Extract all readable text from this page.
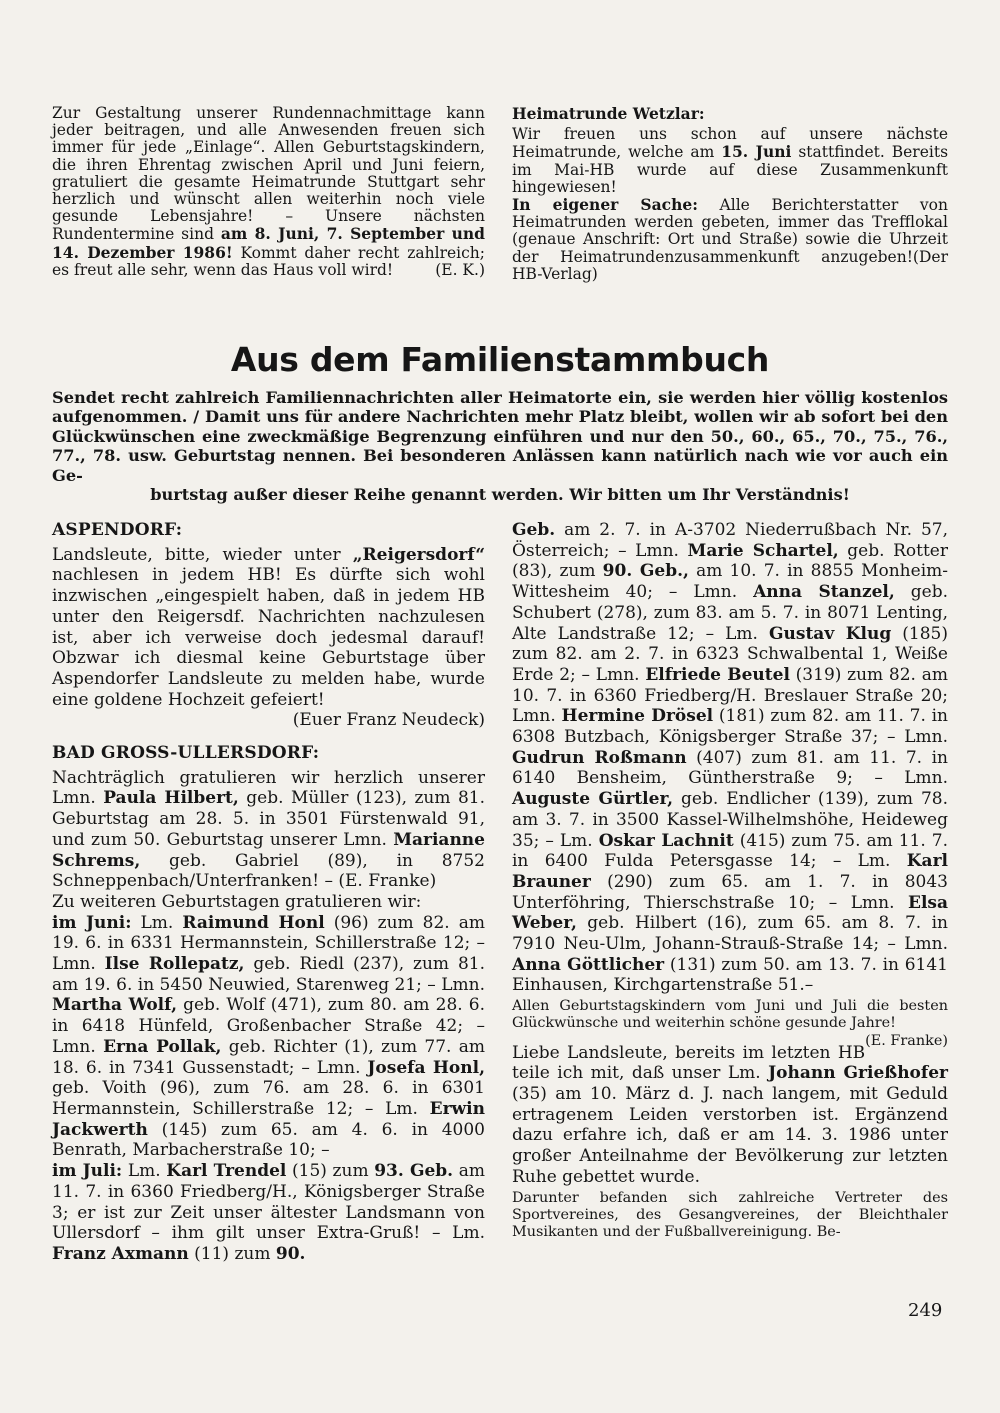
Zur Gestaltung unserer Rundennachmittage kann jeder beitragen, und alle Anwesenden freuen sich immer für jede „Einlage“. Allen Geburtstagskindern, die ihren Ehrentag zwischen April und Juni feiern, gratuliert die gesamte Heimatrunde Stuttgart sehr herzlich und wünscht allen weiterhin noch viele gesunde Lebensjahre! – Unsere nächsten Rundentermine sind am 8. Juni, 7. September und 14. Dezember 1986! Kommt daher recht zahlreich; es freut alle sehr, wenn das Haus voll wird!	(E. K.)

Heimatrunde Wetzlar:

Wir freuen uns schon auf unsere nächste Heimatrunde, welche am 15. Juni stattfindet. Bereits im Mai-HB wurde auf diese Zusammenkunft hingewiesen!

In eigener Sache: Alle Berichterstatter von Heimatrunden werden gebeten, immer das Trefflokal (genaue Anschrift: Ort und Straße) sowie die Uhrzeit der Heimatrundenzusammenkunft anzugeben!(Der HB-Verlag)

Aus dem Familienstammbuch

Sendet recht zahlreich Familiennachrichten aller Heimatorte ein, sie werden hier völlig kostenlos aufgenommen. / Damit uns für andere Nachrichten mehr Platz bleibt, wollen wir ab sofort bei den Glückwünschen eine zweckmäßige Begrenzung einführen und nur den 50., 60., 65., 70., 75., 76., 77., 78. usw. Geburtstag nennen. Bei besonderen Anlässen kann natürlich nach wie vor auch ein Ge-

burtstag außer dieser Reihe genannt werden. Wir bitten um Ihr Verständnis!

ASPENDORF:

Landsleute, bitte, wieder unter „Reigersdorf“ nachlesen in jedem HB! Es dürfte sich wohl inzwischen „eingespielt haben, daß in jedem HB unter den Reigersdf. Nachrichten nachzulesen ist, aber ich verweise doch jedesmal darauf! Obzwar ich diesmal keine Geburtstage über Aspendorfer Landsleute zu melden habe, wurde eine goldene Hochzeit gefeiert!

(Euer Franz Neudeck)

BAD GROSS-ULLERSDORF:

Nachträglich gratulieren wir herzlich unserer Lmn. Paula Hilbert, geb. Müller (123), zum 81. Geburtstag am 28. 5. in 3501 Fürstenwald 91, und zum 50. Geburtstag unserer Lmn. Marianne Schrems, geb. Gabriel (89), in 8752 Schneppenbach/Unterfranken! – (E. Franke)

Zu weiteren Geburtstagen gratulieren wir:

im Juni: Lm. Raimund Honl (96) zum 82. am 19. 6. in 6331 Hermannstein, Schillerstraße 12; – Lmn. Ilse Rollepatz, geb. Riedl (237), zum 81. am 19. 6. in 5450 Neuwied, Starenweg 21; – Lmn. Martha Wolf, geb. Wolf (471), zum 80. am 28. 6. in 6418 Hünfeld, Großenbacher Straße 42; – Lmn. Erna Pollak, geb. Richter (1), zum 77. am 18. 6. in 7341 Gussenstadt; – Lmn. Josefa Honl, geb. Voith (96), zum 76. am 28. 6. in 6301 Hermannstein, Schillerstraße 12; – Lm. Erwin Jackwerth (145) zum 65. am 4. 6. in 4000 Benrath, Marbacherstraße 10; –

im Juli: Lm. Karl Trendel (15) zum 93. Geb. am 11. 7. in 6360 Friedberg/H., Königsberger Straße 3; er ist zur Zeit unser ältester Landsmann von Ullersdorf – ihm gilt unser Extra-Gruß! – Lm. Franz Axmann (11) zum 90.

Geb. am 2. 7. in A-3702 Niederrußbach Nr. 57, Österreich; – Lmn. Marie Schartel, geb. Rotter (83), zum 90. Geb., am 10. 7. in 8855 Monheim-Wittesheim 40; – Lmn. Anna Stanzel, geb. Schubert (278), zum 83. am 5. 7. in 8071 Lenting, Alte Landstraße 12; – Lm. Gustav Klug (185) zum 82. am 2. 7. in 6323 Schwalbental 1, Weiße Erde 2; – Lmn. Elfriede Beutel (319) zum 82. am 10. 7. in 6360 Friedberg/H. Breslauer Straße 20; Lmn. Hermine Drösel (181) zum 82. am 11. 7. in 6308 Butzbach, Königsberger Straße 37; – Lmn. Gudrun Roßmann (407) zum 81. am 11. 7. in 6140 Bensheim, Güntherstraße 9; – Lmn. Auguste Gürtler, geb. Endlicher (139), zum 78. am 3. 7. in 3500 Kassel-Wilhelmshöhe, Heideweg 35; – Lm. Oskar Lachnit (415) zum 75. am 11. 7. in 6400 Fulda Petersgasse 14; – Lm. Karl Brauner (290) zum 65. am 1. 7. in 8043 Unterföhring, Thierschstraße 10; – Lmn. Elsa Weber, geb. Hilbert (16), zum 65. am 8. 7. in 7910 Neu-Ulm, Johann-Strauß-Straße 14; – Lmn. Anna Göttlicher (131) zum 50. am 13. 7. in 6141 Einhausen, Kirchgartenstraße 51.–

Allen Geburtstagskindern vom Juni und Juli die besten Glückwünsche und weiterhin schöne gesunde Jahre!
(E. Franke)

Liebe Landsleute, bereits im letzten HB teile ich mit, daß unser Lm. Johann Grießhofer (35) am 10. März d. J. nach langem, mit Geduld ertragenem Leiden verstorben ist. Ergänzend dazu erfahre ich, daß er am 14. 3. 1986 unter großer Anteilnahme der Bevölkerung zur letzten Ruhe gebettet wurde.

Darunter befanden sich zahlreiche Vertreter des Sportvereines, des Gesangvereines, der Bleichthaler Musikanten und der Fußballvereinigung. Be-

249
